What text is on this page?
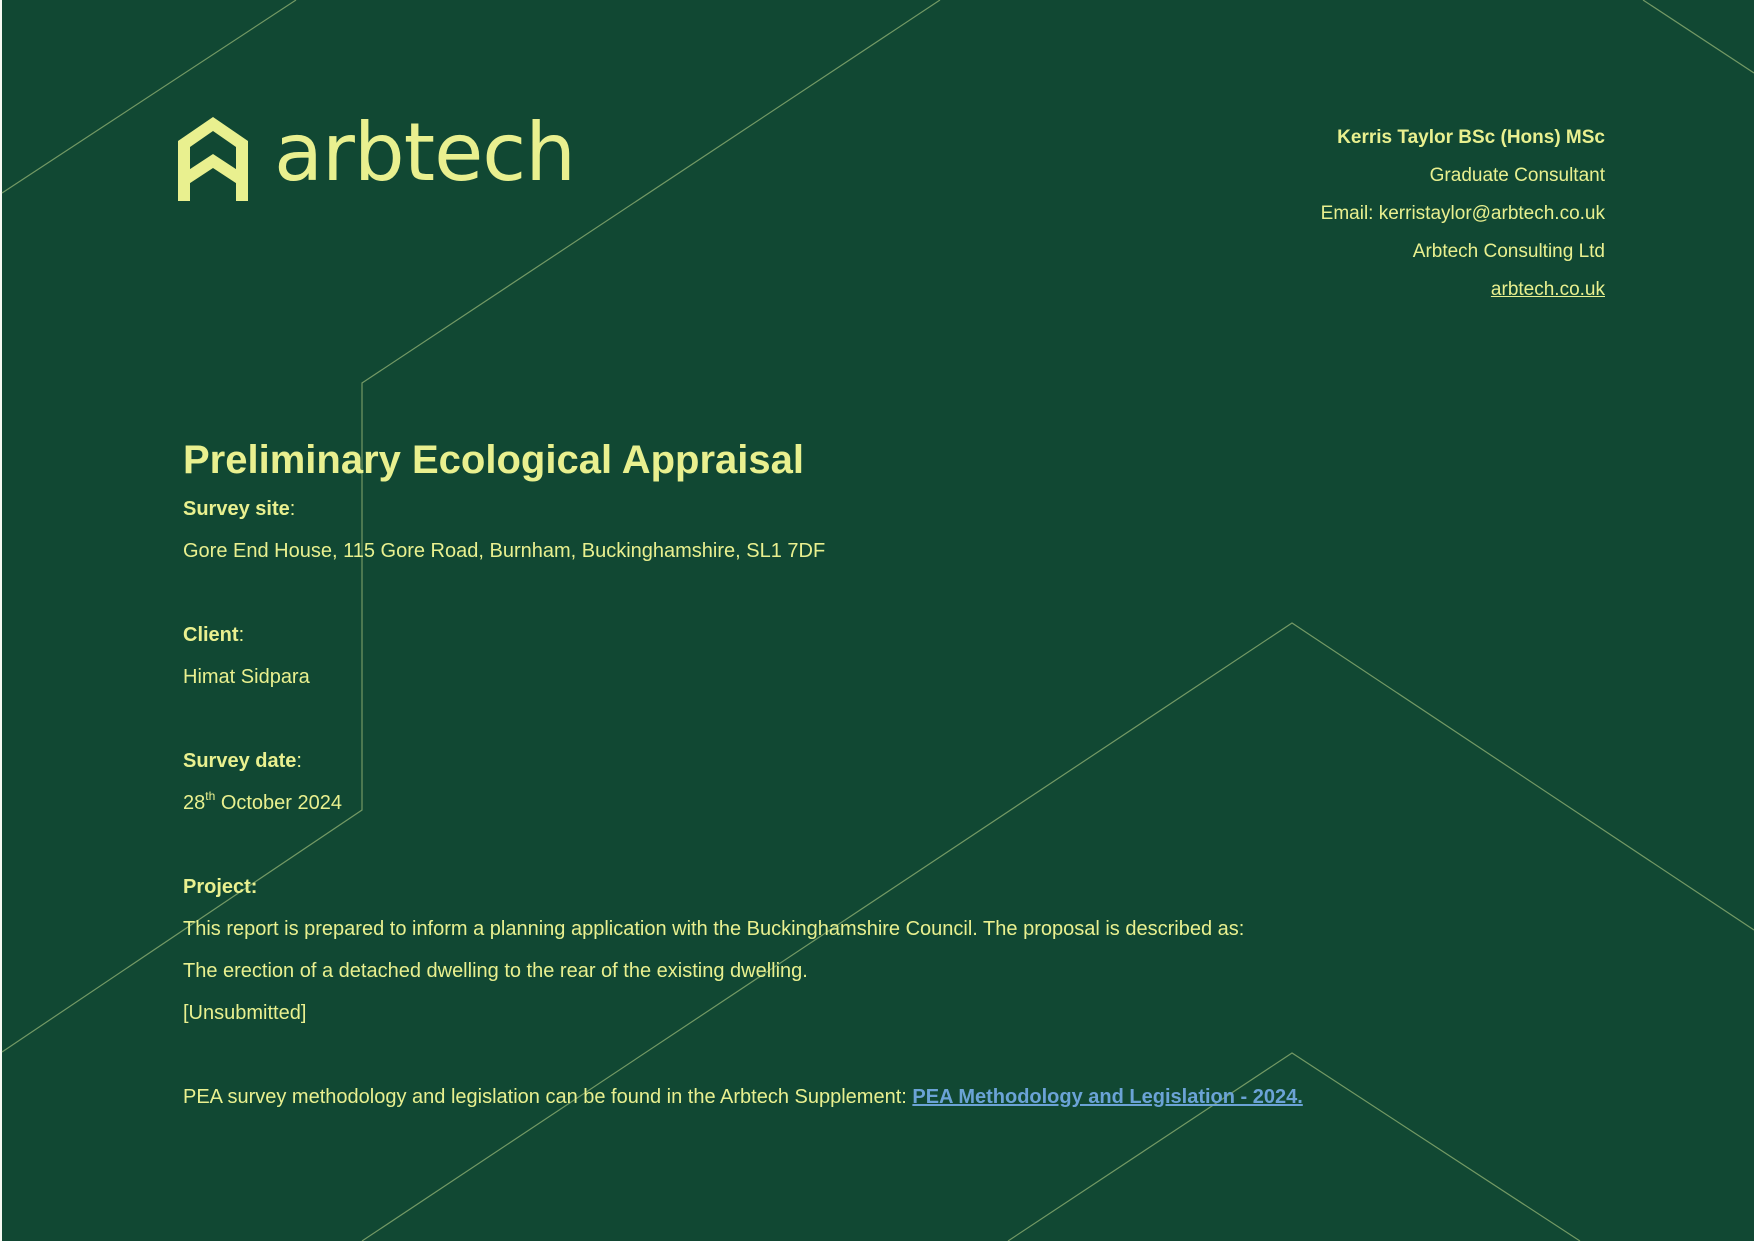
arbtech	Kerris Taylor BSc (Hons) MSc
Graduate Consultant
Email: kerristaylor@arbtech.co.uk
Arbtech Consulting Ltd
arbtech.co.uk
Preliminary Ecological Appraisal
Survey site:
Gore End House, 115 Gore Road, Burnham, Buckinghamshire, SL1 7DF
Client:
Himat Sidpara
Survey date:
28th October 2024
Project:
This report is prepared to inform a planning application with the Buckinghamshire Council. The proposal is described as:
The erection of a detached dwelling to the rear of the existing dwelling.
[Unsubmitted]
PEA survey methodology and legislation can be found in the Arbtech Supplement: PEA Methodology and Legislation - 2024.
